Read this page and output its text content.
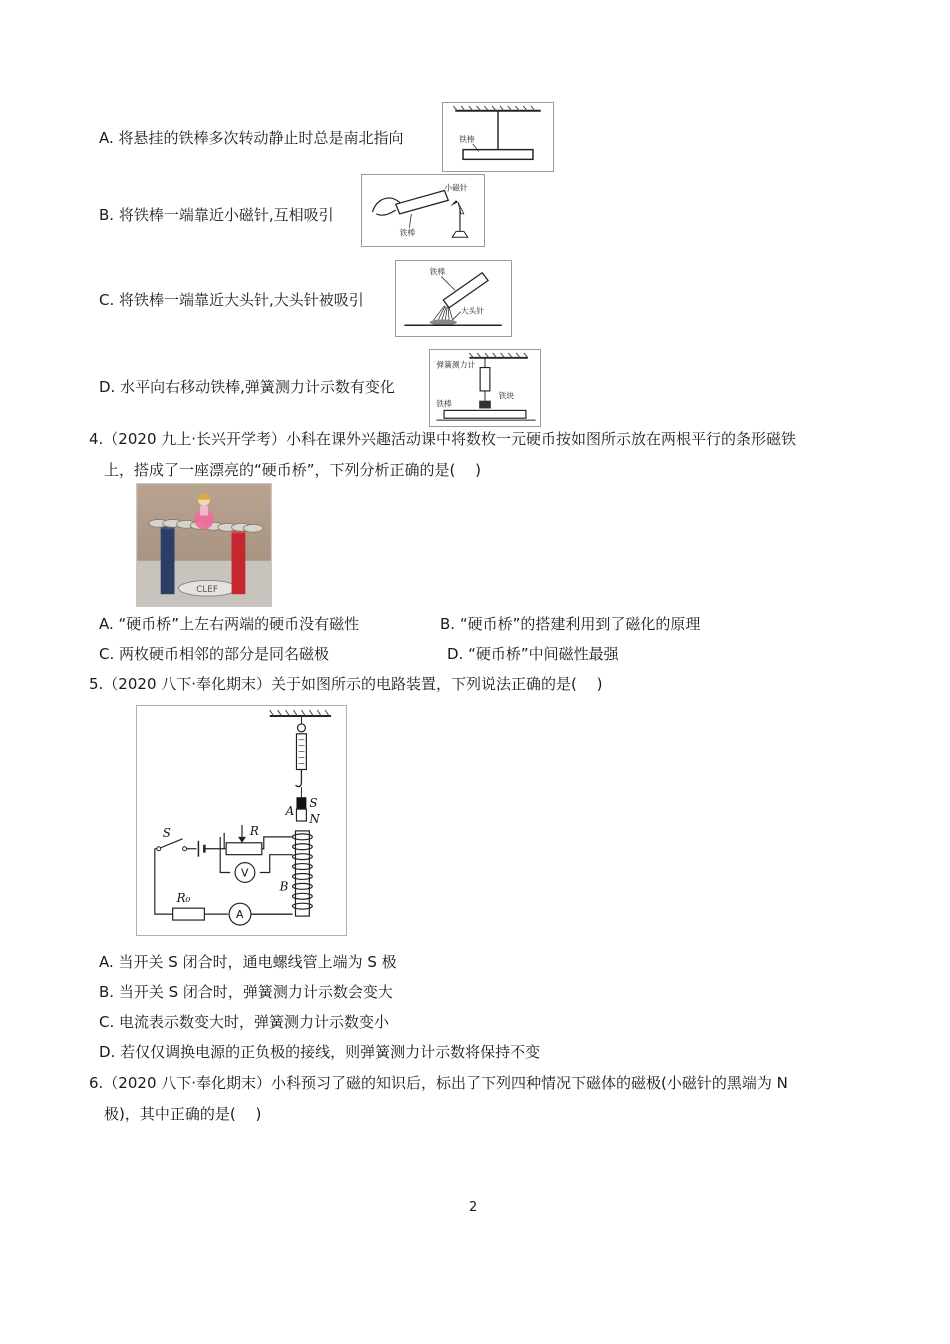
A. 将悬挂的铁棒多次转动静止时总是南北指向	铁棒
B. 将铁棒一端靠近小磁针,互相吸引
铁棒
小磁针
C. 将铁棒一端靠近大头针,大头针被吸引
铁棒
大头针
D. 水平向右移动铁棒,弹簧测力计示数有变化
弹簧测力计
铁棒
铁块
4.（2020 九上·长兴开学考）小科在课外兴趣活动课中将数枚一元硬币按如图所示放在两根平行的条形磁铁
上，搭成了一座漂亮的“硬币桥”，下列分析正确的是(　 )
CLEF
A. “硬币桥”上左右两端的硬币没有磁性	B. “硬币桥”的搭建利用到了磁化的原理
C. 两枚硬币相邻的部分是同名磁极	D. “硬币桥”中间磁性最强
5.（2020 八下·奉化期末）关于如图所示的电路装置，下列说法正确的是(　 )
A
S
N
B
S	R
V
R₀
A
A. 当开关 S 闭合时，通电螺线管上端为 S 极
B. 当开关 S 闭合时，弹簧测力计示数会变大
C. 电流表示数变大时，弹簧测力计示数变小
D. 若仅仅调换电源的正负极的接线，则弹簧测力计示数将保持不变
6.（2020 八下·奉化期末）小科预习了磁的知识后，标出了下列四种情况下磁体的磁极(小磁针的黑端为 N
极)，其中正确的是(　 )
2
